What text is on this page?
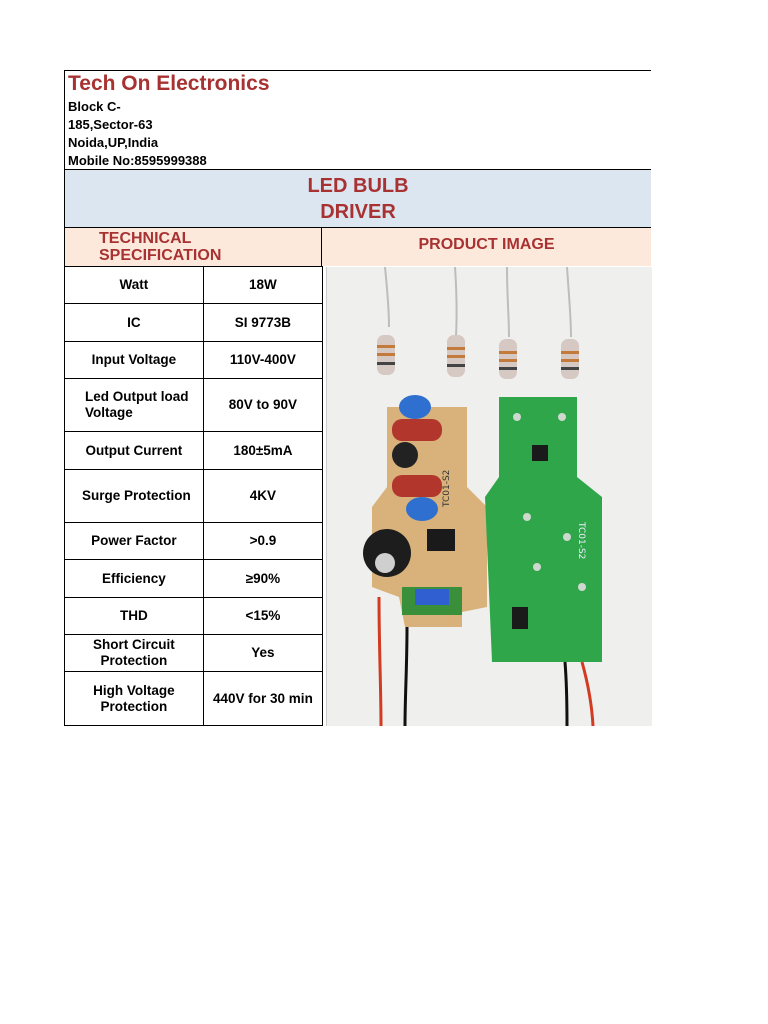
Tech On Electronics
Block C-
185,Sector-63
Noida,UP,India
Mobile No:8595999388
LED BULB
DRIVER
TECHNICAL
SPECIFICATION
PRODUCT IMAGE
Watt	18W
IC	SI 9773B
Input Voltage	110V-400V
Led Output load Voltage	80V to 90V
Output Current	180±5mA
Surge Protection	4KV
Power Factor	>0.9
Efficiency	≥90%
THD	<15%
Short Circuit Protection	Yes
High Voltage Protection	440V for 30 min
TC01-S2
TC01-S2
